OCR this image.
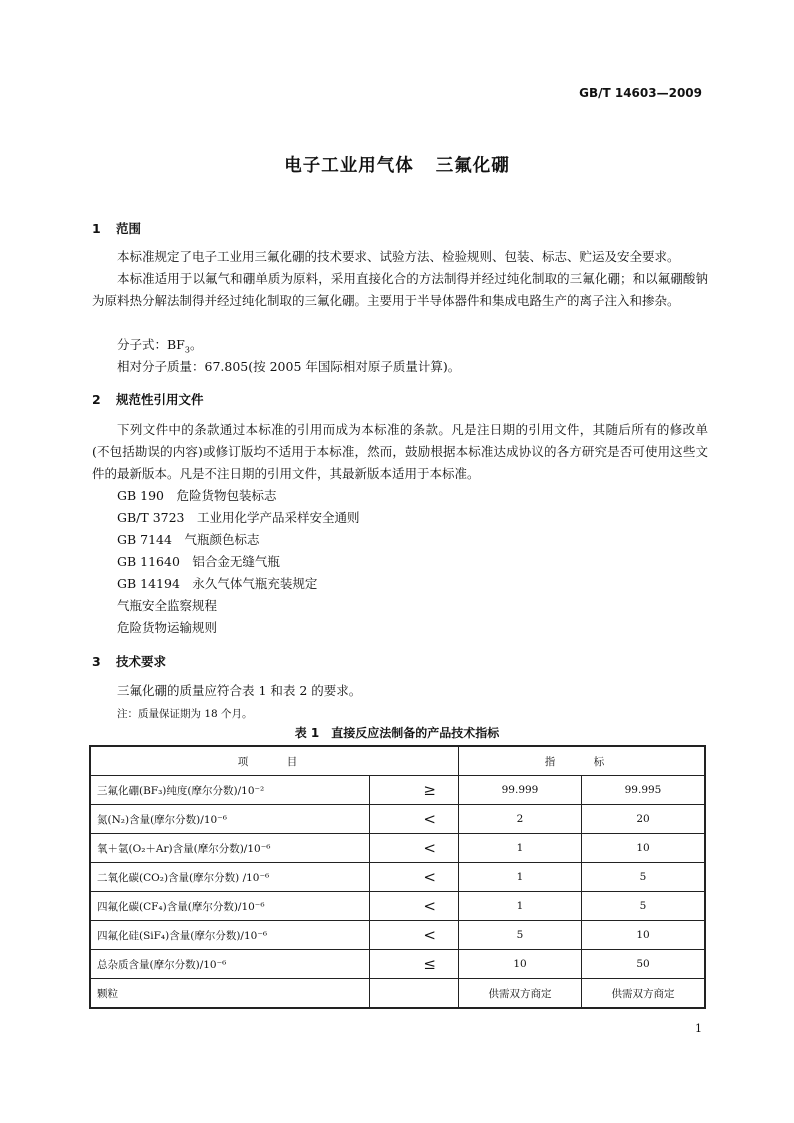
GB/T 14603—2009
电子工业用气体 三氟化硼
1 范围
本标准规定了电子工业用三氟化硼的技术要求、试验方法、检验规则、包装、标志、贮运及安全要求。
本标准适用于以氟气和硼单质为原料，采用直接化合的方法制得并经过纯化制取的三氟化硼；和以氟硼酸钠为原料热分解法制得并经过纯化制取的三氟化硼。主要用于半导体器件和集成电路生产的离子注入和掺杂。
分子式：$BF_3$。
相对分子质量：67.805(按 2005 年国际相对原子质量计算)。
2 规范性引用文件
下列文件中的条款通过本标准的引用而成为本标准的条款。凡是注日期的引用文件，其随后所有的修改单(不包括勘误的内容)或修订版均不适用于本标准，然而，鼓励根据本标准达成协议的各方研究是否可使用这些文件的最新版本。凡是不注日期的引用文件，其最新版本适用于本标准。
GB 190　危险货物包装标志
GB/T 3723　工业用化学产品采样安全通则
GB 7144　气瓶颜色标志
GB 11640　铝合金无缝气瓶
GB 14194　永久气体气瓶充装规定
气瓶安全监察规程
危险货物运输规则
3 技术要求
三氟化硼的质量应符合表 1 和表 2 的要求。
注：质量保证期为 18 个月。
表 1　直接反应法制备的产品技术指标
项　目		指　标	
三氟化硼(BF₃)纯度(摩尔分数)/10⁻²	≥	99.999	99.995
氮(N₂)含量(摩尔分数)/10⁻⁶	<	2	20
氧＋氩(O₂＋Ar)含量(摩尔分数)/10⁻⁶	<	1	10
二氧化碳(CO₂)含量(摩尔分数) /10⁻⁶	<	1	5
四氟化碳(CF₄)含量(摩尔分数)/10⁻⁶	<	1	5
四氟化硅(SiF₄)含量(摩尔分数)/10⁻⁶	<	5	10
总杂质含量(摩尔分数)/10⁻⁶	≤	10	50
颗粒		供需双方商定	供需双方商定
1
